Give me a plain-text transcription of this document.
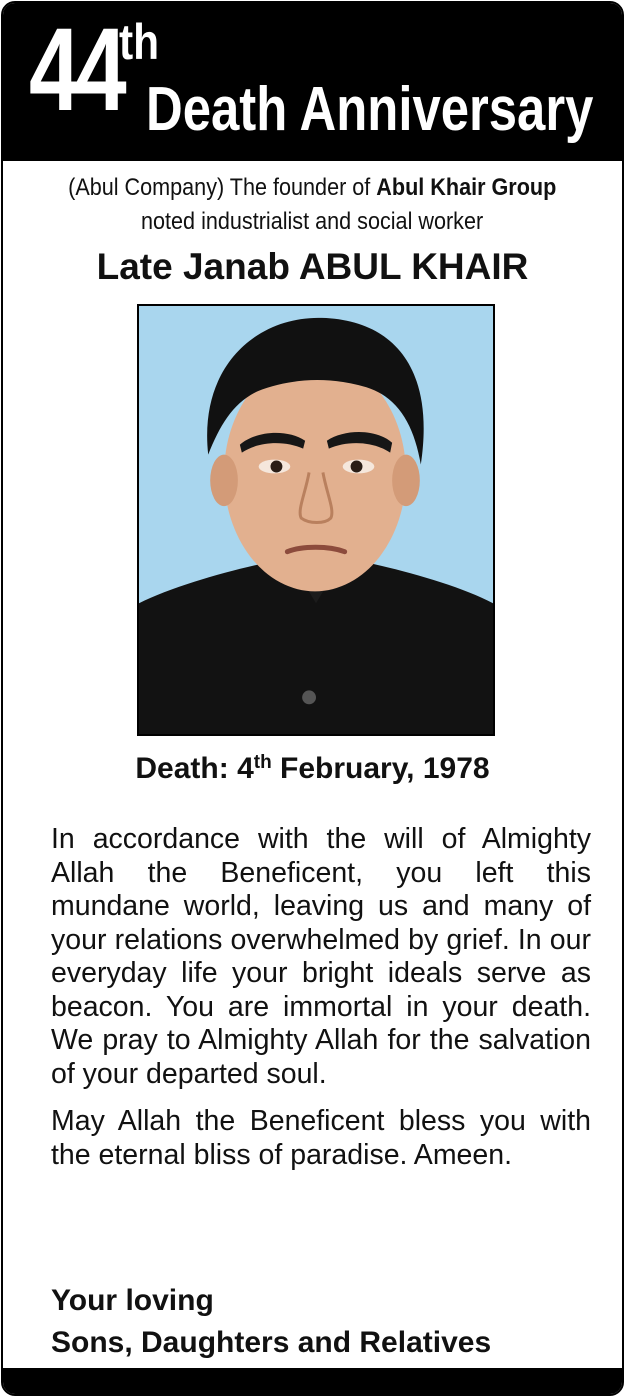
44
th
Death Anniversary
(Abul Company) The founder of Abul Khair Group
noted industrialist and social worker
Late Janab ABUL KHAIR
Death: 4th February, 1978

In accordance with the will of Almighty Allah the Beneficent, you left this mundane world, leaving us and many of your relations overwhelmed by grief. In our everyday life your bright ideals serve as beacon. You are immortal in your death. We pray to Almighty Allah for the salvation of your departed soul.

May Allah the Beneficent bless you with the eternal bliss of paradise. Ameen.

Your loving
Sons, Daughters and Relatives
